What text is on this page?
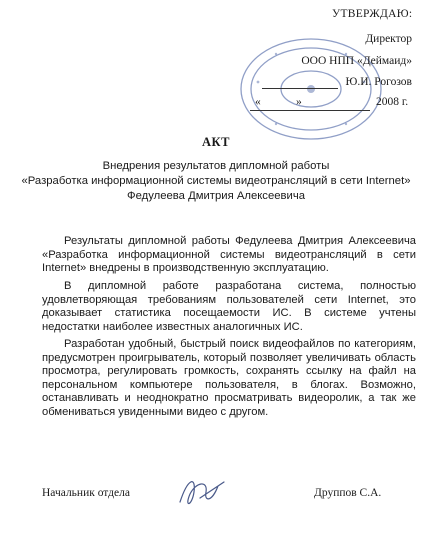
УТВЕРЖДАЮ:
Директор
ООО НПП «Деймаид»
Ю.И. Рогозов
«	»	2008 г.
АКТ
Внедрения результатов дипломной работы
«Разработка информационной системы видеотрансляций в сети Internet»
Федулеева Дмитрия Алексеевича
Результаты дипломной работы Федулеева Дмитрия Алексеевича «Разработка информационной системы видеотрансляций в сети Internet» внедрены в производственную эксплуатацию.
В дипломной работе разработана система, полностью удовлетворяющая требованиям пользователей сети Internet, это доказывает статистика посещаемости ИС. В системе учтены недостатки наиболее известных аналогичных ИС.
Разработан удобный, быстрый поиск видеофайлов по категориям, предусмотрен проигрыватель, который позволяет увеличивать область просмотра, регулировать громкость, сохранять ссылку на файл на персональном компьютере пользователя, в блогах. Возможно, останавливать и неоднократно просматривать видеоролик, а так же обмениваться увиденными видео с другом.
Начальник отдела	Друппов С.А.
